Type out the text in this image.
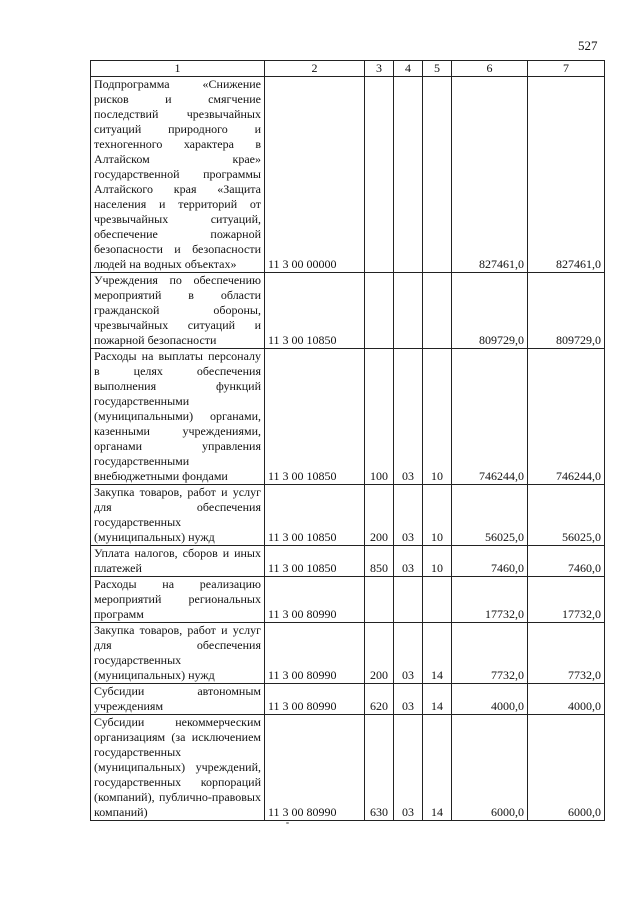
527
1	2	3	4	5	6	7
Подпрограмма «Снижение рисков и смягчение последствий чрезвычайных ситуаций природного и техногенного характера в Алтайском крае» государственной программы Алтайского края «Защита населения и территорий от чрезвычайных ситуаций, обеспечение пожарной безопасности и безопасности людей на водных объектах»	11 3 00 00000				827461,0	827461,0
Учреждения по обеспечению мероприятий в области гражданской обороны, чрезвычайных ситуаций и пожарной безопасности	11 3 00 10850				809729,0	809729,0
Расходы на выплаты персоналу в целях обеспечения выполнения функций государственными (муниципальными) органами, казенными учреждениями, органами управления государственными внебюджетными фондами	11 3 00 10850	100	03	10	746244,0	746244,0
Закупка товаров, работ и услуг для обеспечения государственных (муниципальных) нужд	11 3 00 10850	200	03	10	56025,0	56025,0
Уплата налогов, сборов и иных платежей	11 3 00 10850	850	03	10	7460,0	7460,0
Расходы на реализацию мероприятий региональных программ	11 3 00 80990				17732,0	17732,0
Закупка товаров, работ и услуг для обеспечения государственных (муниципальных) нужд	11 3 00 80990	200	03	14	7732,0	7732,0
Субсидии автономным учреждениям	11 3 00 80990	620	03	14	4000,0	4000,0
Субсидии некоммерческим организациям (за исключением государственных (муниципальных) учреждений, государственных корпораций (компаний), публично-правовых компаний)	11 3 00 80990	630	03	14	6000,0	6000,0
